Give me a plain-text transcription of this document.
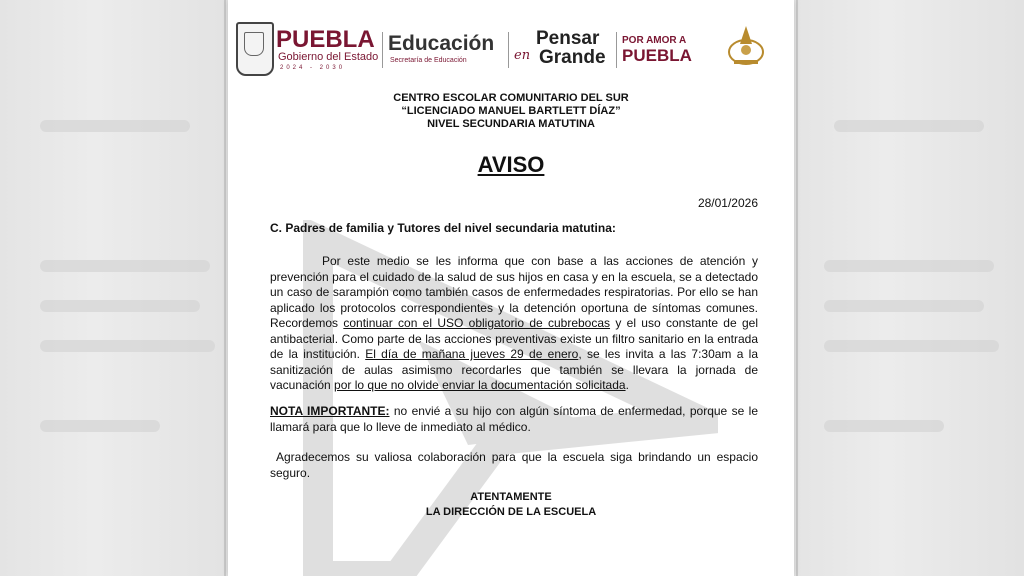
PUEBLA
Gobierno del Estado
2024 - 2030
Educación
Secretaría de Educación
Pensar
en Grande
POR AMOR A
PUEBLA
CENTRO ESCOLAR COMUNITARIO DEL SUR
“LICENCIADO MANUEL BARTLETT DÍAZ”
NIVEL SECUNDARIA MATUTINA
AVISO
28/01/2026
C. Padres de familia y Tutores del nivel secundaria matutina:
Por este medio se les informa que con base a las acciones de atención y prevención para el cuidado de la salud de sus hijos en casa y en la escuela, se a detectado un caso de sarampión como también casos de enfermedades respiratorias. Por ello se han aplicado los protocolos correspondientes y la detención oportuna de síntomas comunes. Recordemos continuar con el USO obligatorio de cubrebocas y el uso constante de gel antibacterial. Como parte de las acciones preventivas existe un filtro sanitario en la entrada de la institución. El día de mañana jueves 29 de enero, se les invita a las 7:30am a la sanitización de aulas asimismo recordarles que también se llevara la jornada de vacunación por lo que no olvide enviar la documentación solicitada.
NOTA IMPORTANTE: no envié a su hijo con algún síntoma de enfermedad, porque se le llamará para que lo lleve de inmediato al médico.
Agradecemos su valiosa colaboración para que la escuela siga brindando un espacio seguro.
ATENTAMENTE
LA DIRECCIÓN DE LA ESCUELA
